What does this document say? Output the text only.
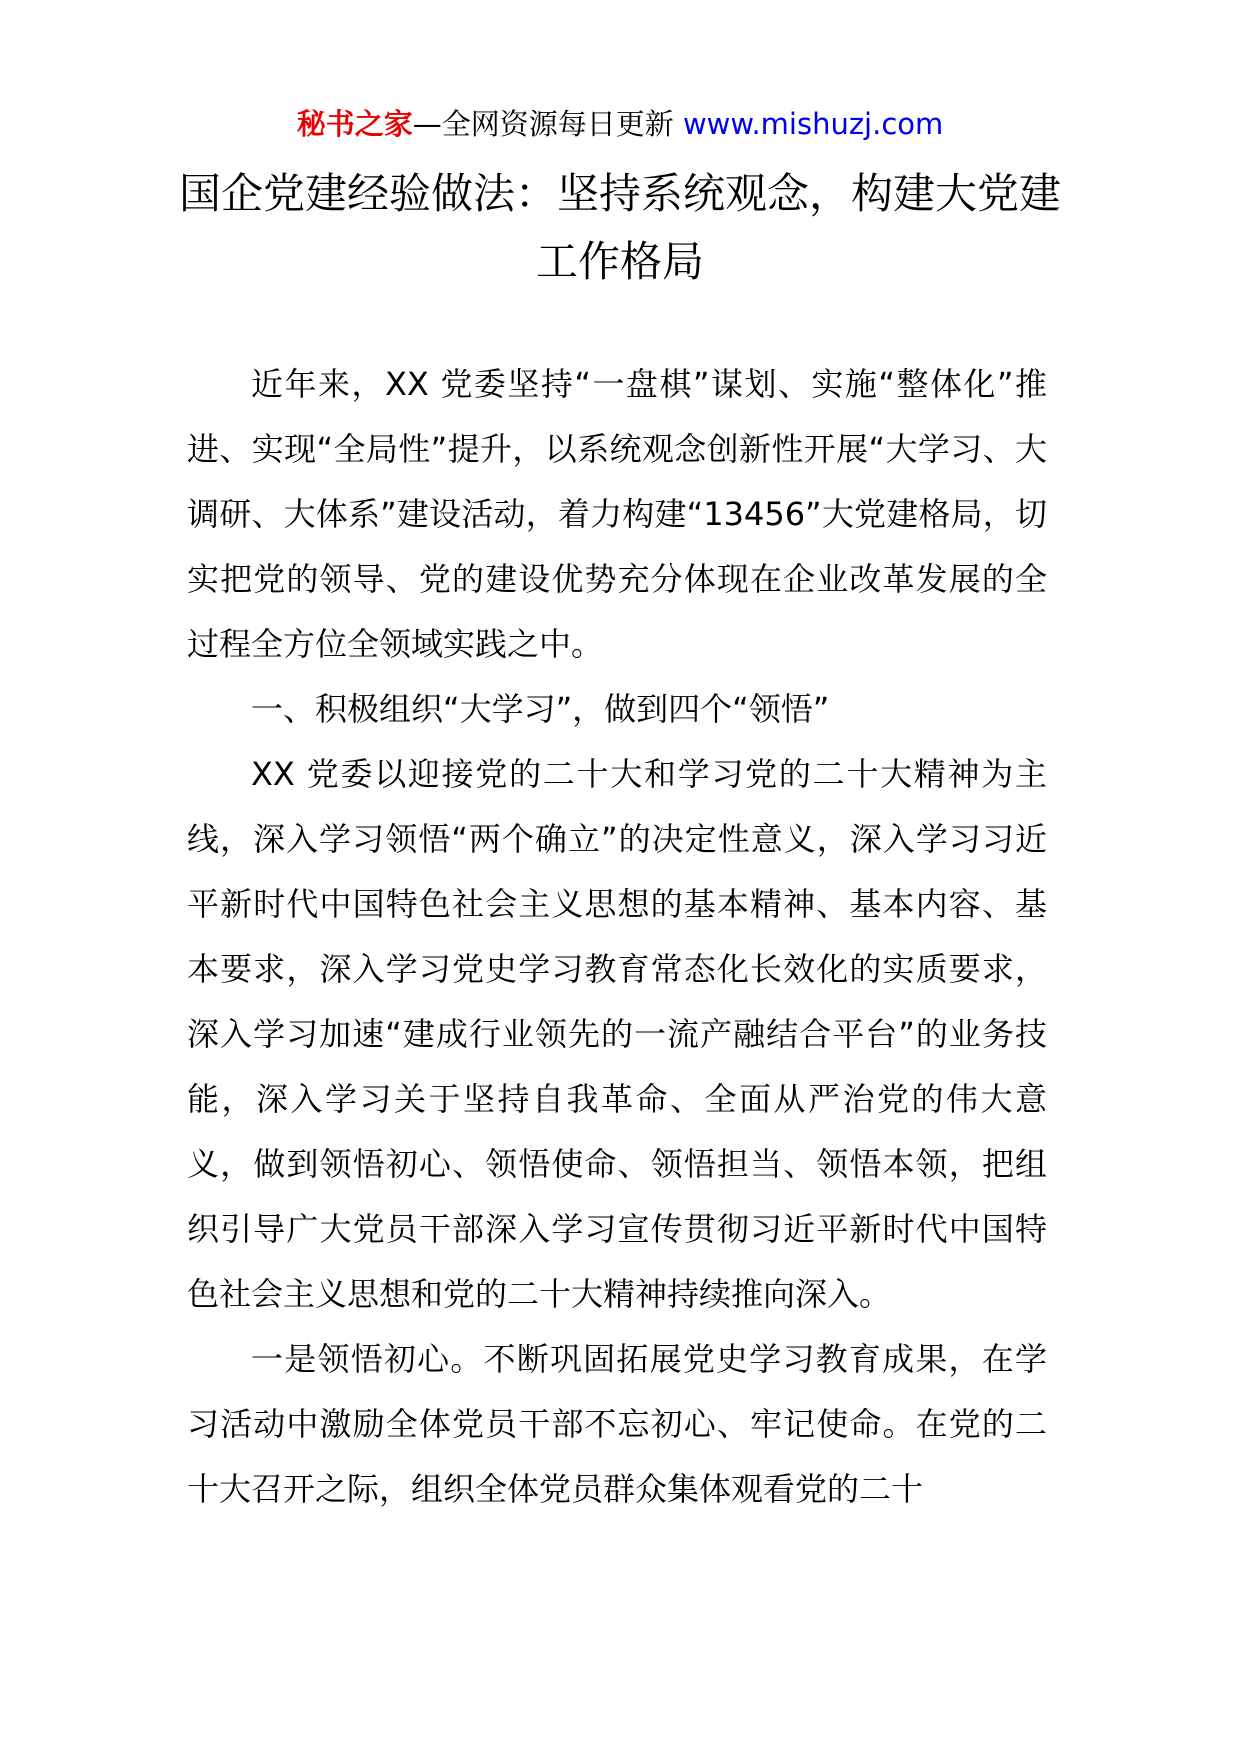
秘书之家—全网资源每日更新 www.mishuzj.com
国企党建经验做法：坚持系统观念，构建大党建工作格局

近年来，XX 党委坚持“一盘棋”谋划、实施“整体化”推进、实现“全局性”提升，以系统观念创新性开展“大学习、大调研、大体系”建设活动，着力构建“13456”大党建格局，切实把党的领导、党的建设优势充分体现在企业改革发展的全过程全方位全领域实践之中。

一、积极组织“大学习”，做到四个“领悟”

XX 党委以迎接党的二十大和学习党的二十大精神为主线，深入学习领悟“两个确立”的决定性意义，深入学习习近平新时代中国特色社会主义思想的基本精神、基本内容、基本要求，深入学习党史学习教育常态化长效化的实质要求，深入学习加速“建成行业领先的一流产融结合平台”的业务技能，深入学习关于坚持自我革命、全面从严治党的伟大意义，做到领悟初心、领悟使命、领悟担当、领悟本领，把组织引导广大党员干部深入学习宣传贯彻习近平新时代中国特色社会主义思想和党的二十大精神持续推向深入。

一是领悟初心。不断巩固拓展党史学习教育成果，在学习活动中激励全体党员干部不忘初心、牢记使命。在党的二十大召开之际，组织全体党员群众集体观看党的二十
